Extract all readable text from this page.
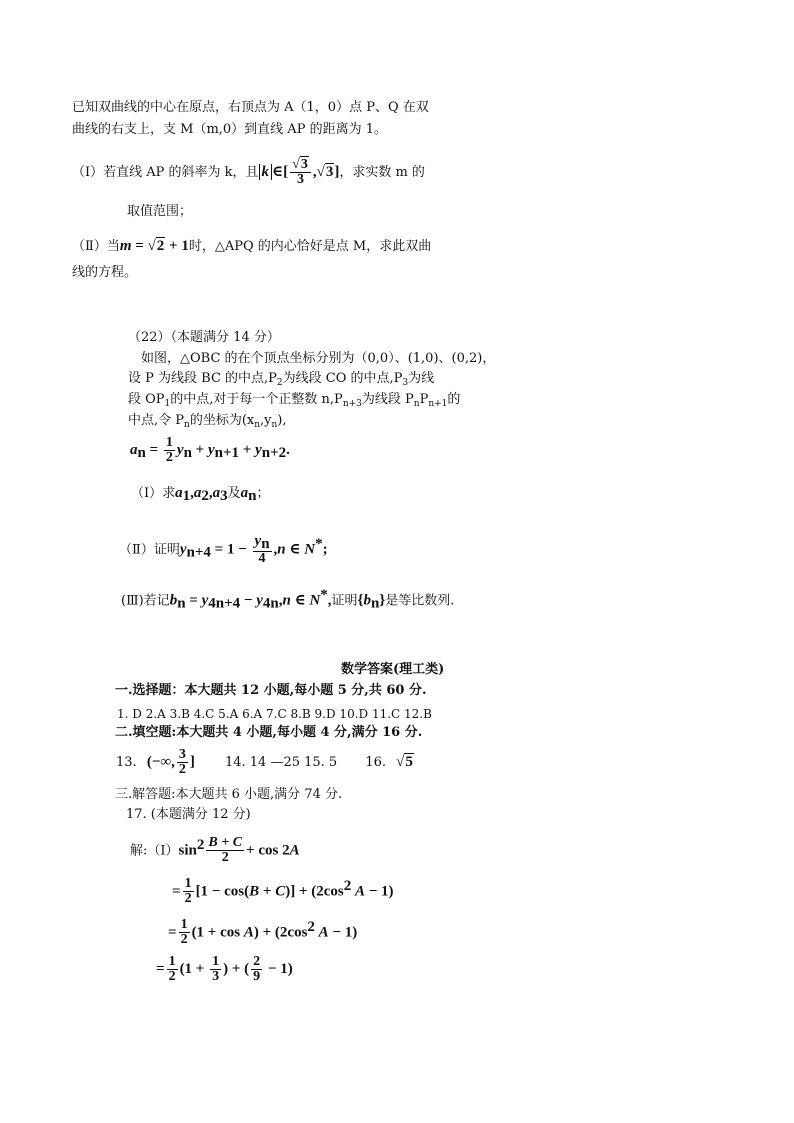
已知双曲线的中心在原点，右顶点为 A（1，0）点 P、Q 在双
曲线的右支上，支 M（m,0）到直线 AP 的距离为 1。
（Ⅰ）若直线 AP 的斜率为 k，且 k ∈[ $\frac{√3}{3} ,√3$]，求实数 m 的
取值范围；
（Ⅱ）当m = √2 + 1时，△APQ 的内心恰好是点 M，求此双曲
线的方程。
（22）（本题满分 14 分）
如图，△OBC 的在个顶点坐标分别为（0,0）、(1,0)、(0,2)，
设 P 为线段 BC 的中点$,P_2$为线段 CO 的中点$,P_3$为线
段 $OP_1$的中点,对于每一个正整数 $n,P_{n+3}$为线段 $P_nP_{n+1}$的
中点,令 $P_n$的坐标为$(x_n,y_n)$,
$a_n = \frac{1}{2} y_n + y_{n+1} + y_{n+2}$.
（Ⅰ）求$a_1,a_2,a_3$及$a_n$；
（Ⅱ）证明$y_{n+4} = 1 - \frac{y_n}{4} ,n$ ∈ N*;
(Ⅲ)若记$b_n = y_{4n+4} - y_{4n},n$ ∈ N*,证明$\{b_n\}$是等比数列.
数学答案(理工类)
一.选择题：本大题共 12 小题,每小题 5 分,共 60 分.
1. D 2.A 3.B 4.C 5.A 6.A 7.C 8.B 9.D 10.D 11.C 12.B
二.填空题:本大题共 4 小题,每小题 4 分,满分 16 分.
13. (−∞, $\frac{3}{2}$ ] 14. 14 —25 15. 5 16. √5
三.解答题:本大题共 6 小题,满分 74 分.
17. (本题满分 12 分)
解$:(Ⅰ)\sin^2 \frac{B + C}{2} + \cos 2A$
= $\frac{1}{2} [1 - \cos(B + C)] + (2\cos^2$ A − 1)
= $\frac{1}{2} (1 + \cos A) + (2\cos^2$ A − 1)
= $\frac{1}{2} (1 + \frac{1}{3}$ ) + ( $\frac{2}{9} - 1$)
